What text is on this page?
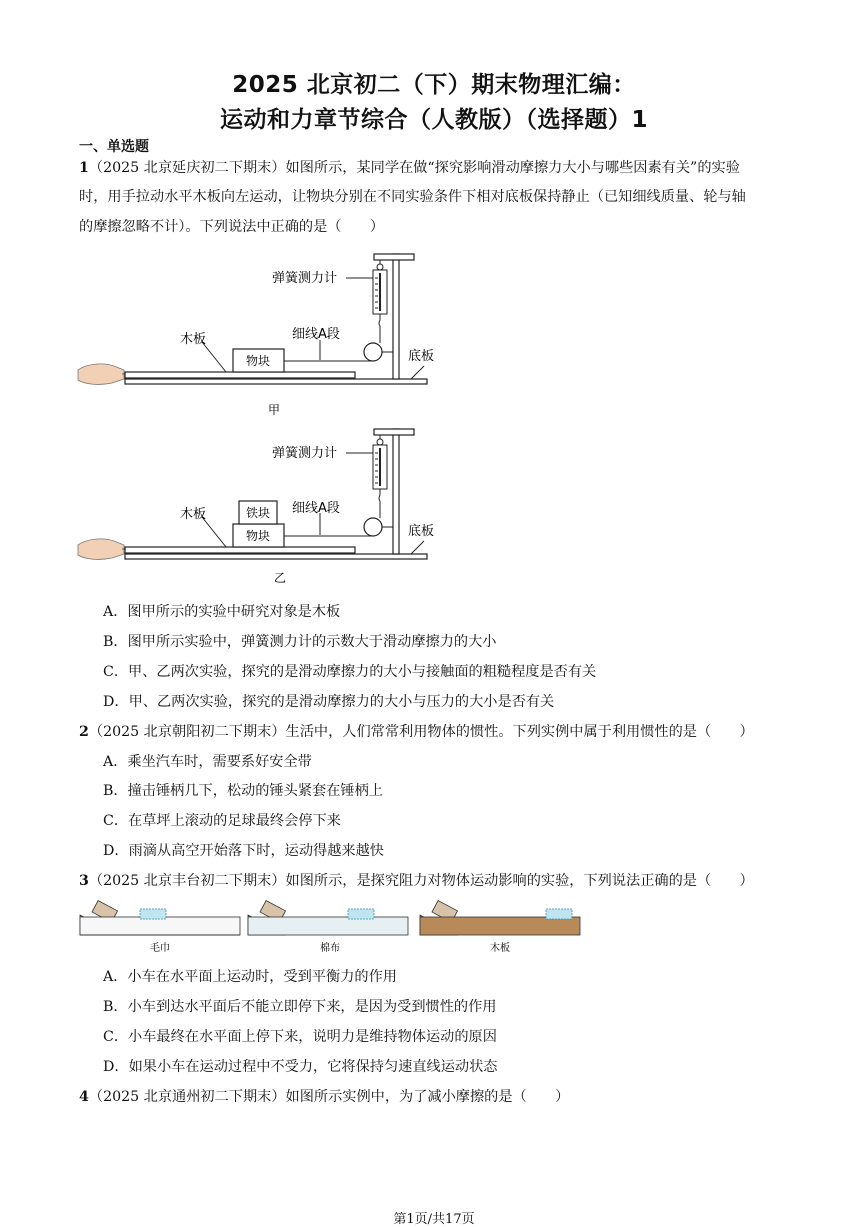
2025 北京初二（下）期末物理汇编：
运动和力章节综合（人教版）（选择题）1
一、单选题
1（2025 北京延庆初二下期末）如图所示，某同学在做“探究影响滑动摩擦力大小与哪些因素有关”的实验
时，用手拉动水平木板向左运动，让物块分别在不同实验条件下相对底板保持静止（已知细线质量、轮与轴
的摩擦忽略不计）。下列说法中正确的是（　　）
物块
弹簧测力计
细线A段
木板
底板
甲
物块
铁块
弹簧测力计
细线A段
木板
底板
乙
A．图甲所示的实验中研究对象是木板
B．图甲所示实验中，弹簧测力计的示数大于滑动摩擦力的大小
C．甲、乙两次实验，探究的是滑动摩擦力的大小与接触面的粗糙程度是否有关
D．甲、乙两次实验，探究的是滑动摩擦力的大小与压力的大小是否有关
2（2025 北京朝阳初二下期末）生活中，人们常常利用物体的惯性。下列实例中属于利用惯性的是（　　）
A．乘坐汽车时，需要系好安全带
B．撞击锤柄几下，松动的锤头紧套在锤柄上
C．在草坪上滚动的足球最终会停下来
D．雨滴从高空开始落下时，运动得越来越快
3（2025 北京丰台初二下期末）如图所示，是探究阻力对物体运动影响的实验，下列说法正确的是（　　）
毛巾	棉布	木板
A．小车在水平面上运动时，受到平衡力的作用
B．小车到达水平面后不能立即停下来，是因为受到惯性的作用
C．小车最终在水平面上停下来，说明力是维持物体运动的原因
D．如果小车在运动过程中不受力，它将保持匀速直线运动状态
4（2025 北京通州初二下期末）如图所示实例中，为了减小摩擦的是（　　）
第1页/共17页
